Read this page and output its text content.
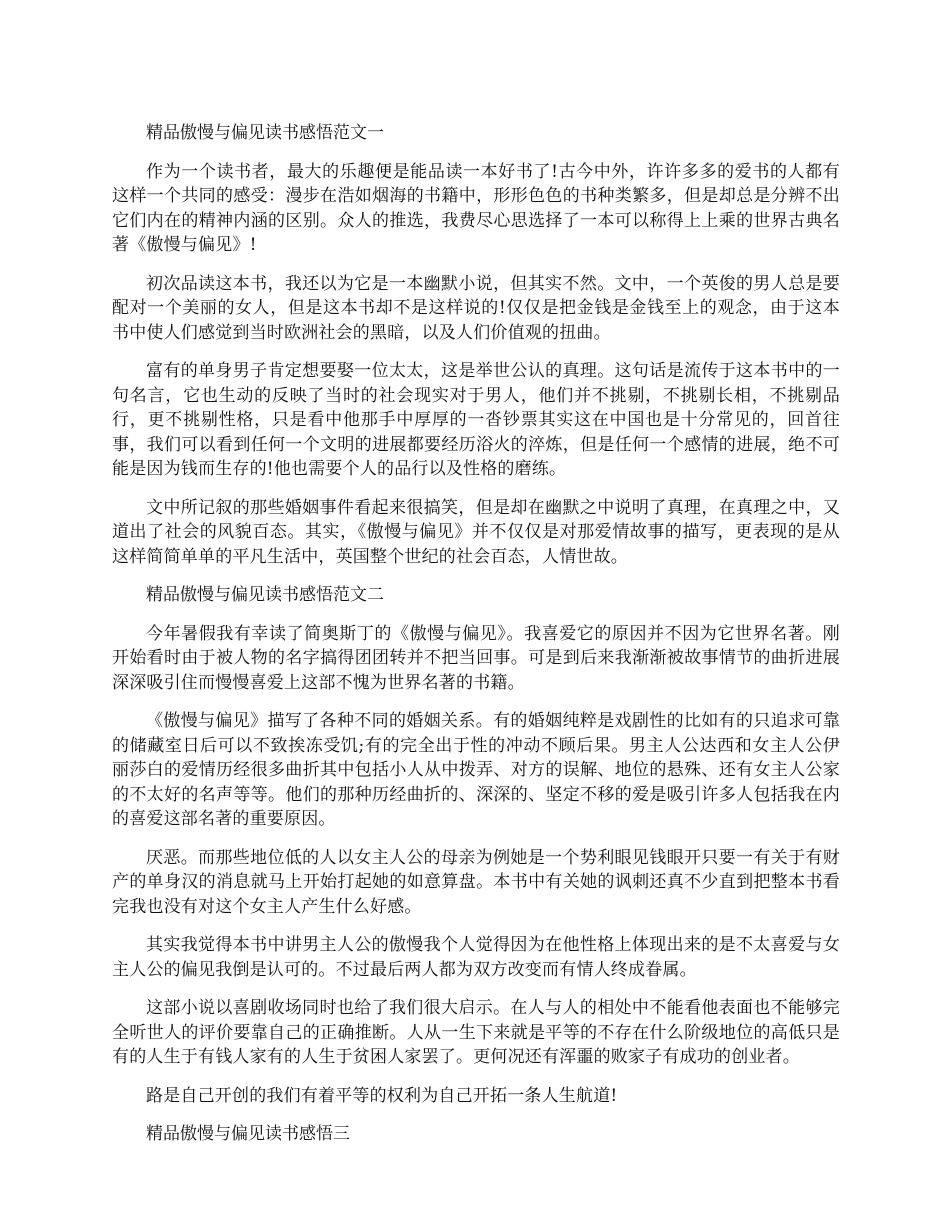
精品傲慢与偏见读书感悟范文一

作为一个读书者，最大的乐趣便是能品读一本好书了!古今中外，许许多多的爱书的人都有这样一个共同的感受：漫步在浩如烟海的书籍中，形形色色的书种类繁多，但是却总是分辨不出它们内在的精神内涵的区别。众人的推选，我费尽心思选择了一本可以称得上上乘的世界古典名著《傲慢与偏见》!

初次品读这本书，我还以为它是一本幽默小说，但其实不然。文中，一个英俊的男人总是要配对一个美丽的女人，但是这本书却不是这样说的!仅仅是把金钱是金钱至上的观念，由于这本书中使人们感觉到当时欧洲社会的黑暗，以及人们价值观的扭曲。

富有的单身男子肯定想要娶一位太太，这是举世公认的真理。这句话是流传于这本书中的一句名言，它也生动的反映了当时的社会现实对于男人，他们并不挑剔，不挑剔长相，不挑剔品行，更不挑剔性格，只是看中他那手中厚厚的一沓钞票其实这在中国也是十分常见的，回首往事，我们可以看到任何一个文明的进展都要经历浴火的淬炼，但是任何一个感情的进展，绝不可能是因为钱而生存的!他也需要个人的品行以及性格的磨练。

文中所记叙的那些婚姻事件看起来很搞笑，但是却在幽默之中说明了真理，在真理之中，又道出了社会的风貌百态。其实，《傲慢与偏见》并不仅仅是对那爱情故事的描写，更表现的是从这样简简单单的平凡生活中，英国整个世纪的社会百态，人情世故。

精品傲慢与偏见读书感悟范文二

今年暑假我有幸读了简奥斯丁的《傲慢与偏见》。我喜爱它的原因并不因为它世界名著。刚开始看时由于被人物的名字搞得团团转并不把当回事。可是到后来我渐渐被故事情节的曲折进展深深吸引住而慢慢喜爱上这部不愧为世界名著的书籍。

《傲慢与偏见》描写了各种不同的婚姻关系。有的婚姻纯粹是戏剧性的比如有的只追求可靠的储藏室日后可以不致挨冻受饥;有的完全出于性的冲动不顾后果。男主人公达西和女主人公伊丽莎白的爱情历经很多曲折其中包括小人从中拨弄、对方的误解、地位的悬殊、还有女主人公家的不太好的名声等等。他们的那种历经曲折的、深深的、坚定不移的爱是吸引许多人包括我在内的喜爱这部名著的重要原因。

厌恶。而那些地位低的人以女主人公的母亲为例她是一个势利眼见钱眼开只要一有关于有财产的单身汉的消息就马上开始打起她的如意算盘。本书中有关她的讽刺还真不少直到把整本书看完我也没有对这个女主人产生什么好感。

其实我觉得本书中讲男主人公的傲慢我个人觉得因为在他性格上体现出来的是不太喜爱与女主人公的偏见我倒是认可的。不过最后两人都为双方改变而有情人终成眷属。

这部小说以喜剧收场同时也给了我们很大启示。在人与人的相处中不能看他表面也不能够完全听世人的评价要靠自己的正确推断。人从一生下来就是平等的不存在什么阶级地位的高低只是有的人生于有钱人家有的人生于贫困人家罢了。更何况还有浑噩的败家子有成功的创业者。

路是自己开创的我们有着平等的权利为自己开拓一条人生航道!

精品傲慢与偏见读书感悟三
